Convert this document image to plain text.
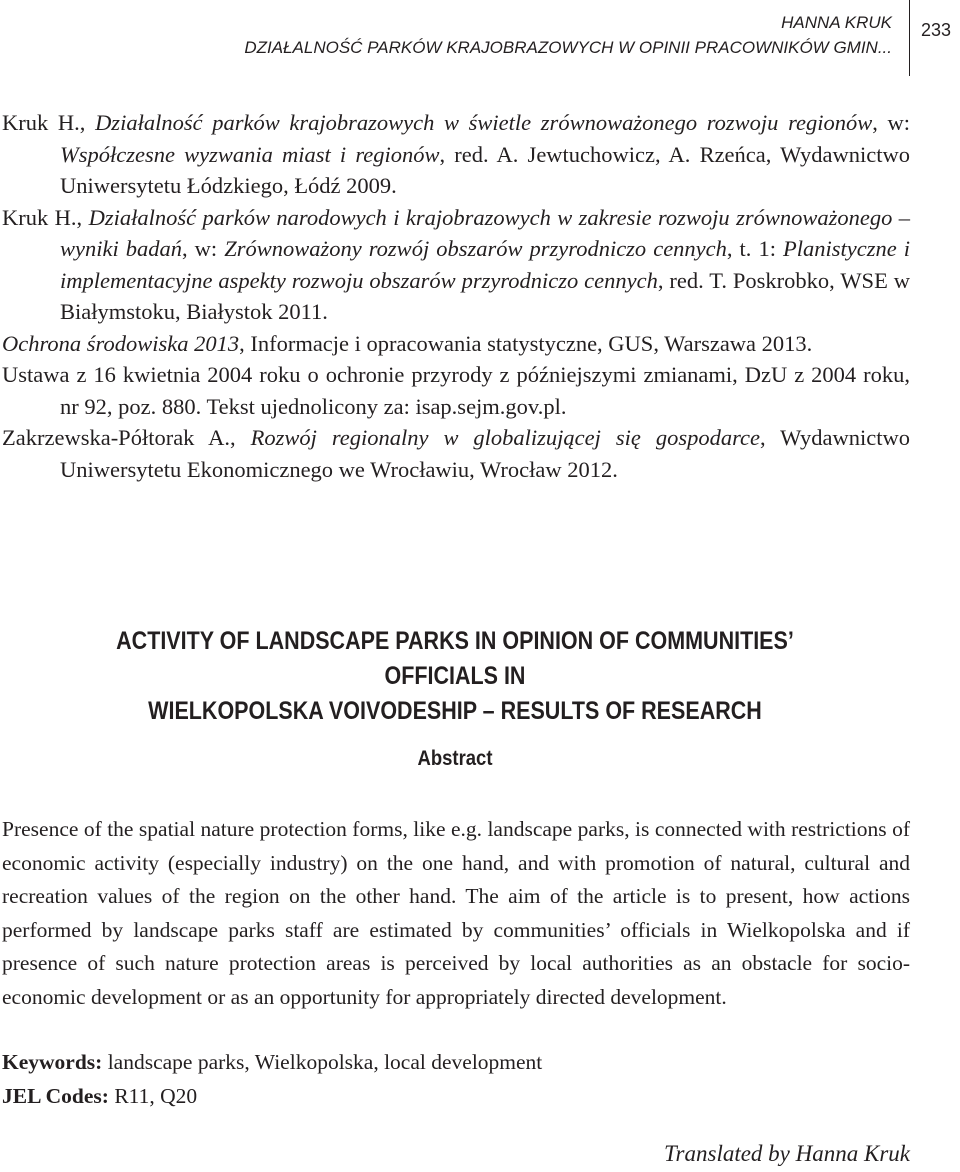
HANNA KRUK
DZIAŁALNOŚĆ PARKÓW KRAJOBRAZOWYCH W OPINII PRACOWNIKÓW GMIN...
233

Kruk H., Działalność parków krajobrazowych w świetle zrównoważonego rozwoju regionów, w: Współczesne wyzwania miast i regionów, red. A. Jewtuchowicz, A. Rzeńca, Wydawnictwo Uniwersytetu Łódzkiego, Łódź 2009.

Kruk H., Działalność parków narodowych i krajobrazowych w zakresie rozwoju zrównoważonego – wyniki badań, w: Zrównoważony rozwój obszarów przyrodniczo cennych, t. 1: Planistyczne i implementacyjne aspekty rozwoju obszarów przyrodniczo cennych, red. T. Poskrobko, WSE w Białymstoku, Białystok 2011.

Ochrona środowiska 2013, Informacje i opracowania statystyczne, GUS, Warszawa 2013.

Ustawa z 16 kwietnia 2004 roku o ochronie przyrody z późniejszymi zmianami, DzU z 2004 roku, nr 92, poz. 880. Tekst ujednolicony za: isap.sejm.gov.pl.

Zakrzewska-Półtorak A., Rozwój regionalny w globalizującej się gospodarce, Wydawnictwo Uniwersytetu Ekonomicznego we Wrocławiu, Wrocław 2012.

ACTIVITY OF LANDSCAPE PARKS IN OPINION OF COMMUNITIES’ OFFICIALS IN
WIELKOPOLSKA VOIVODESHIP – RESULTS OF RESEARCH
Abstract

Presence of the spatial nature protection forms, like e.g. landscape parks, is connected with restrictions of economic activity (especially industry) on the one hand, and with promotion of natural, cultural and recreation values of the region on the other hand. The aim of the article is to present, how actions performed by landscape parks staff are estimated by communities’ officials in Wielkopolska and if presence of such nature protection areas is perceived by local authorities as an obstacle for socio-economic development or as an opportunity for appropriately directed development.

Keywords: landscape parks, Wielkopolska, local development
JEL Codes: R11, Q20
Translated by Hanna Kruk
